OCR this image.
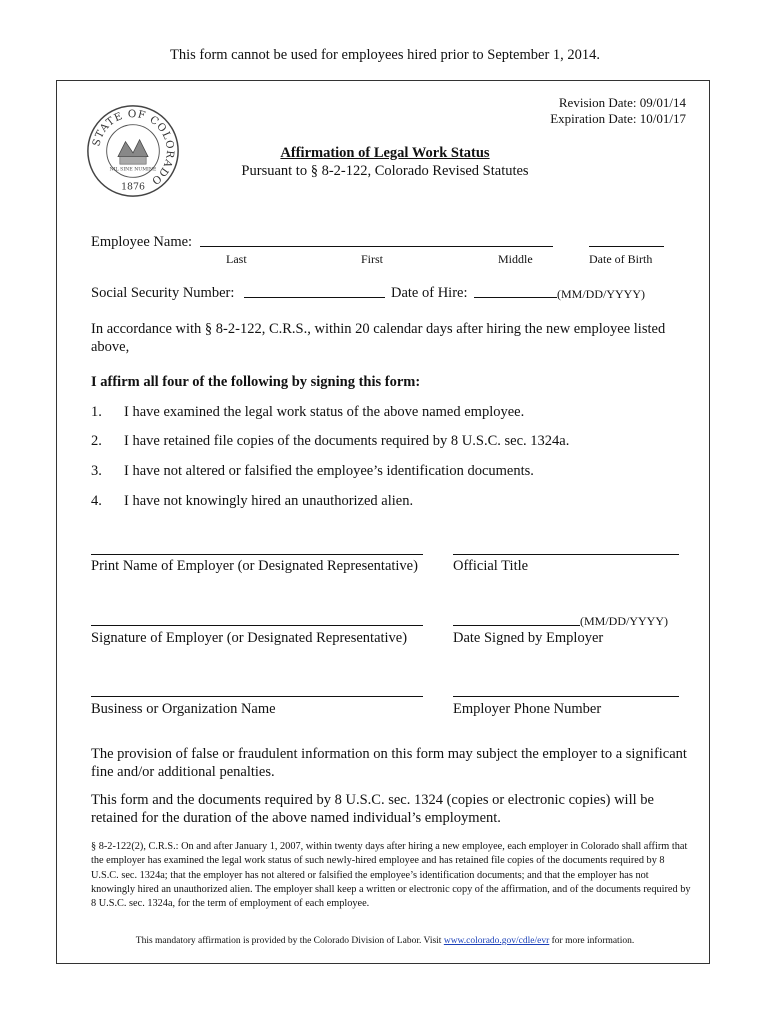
This form cannot be used for employees hired prior to September 1, 2014.
Revision Date: 09/01/14
Expiration Date: 10/01/17
STATE OF COLORADO
NIL SINE NUMINE
1876
Affirmation of Legal Work Status
Pursuant to § 8-2-122, Colorado Revised Statutes
Employee Name:
Last	First	Middle	Date of Birth
Social Security Number:	Date of Hire:	(MM/DD/YYYY)
In accordance with § 8-2-122, C.R.S., within 20 calendar days after hiring the new employee listed above,
I affirm all four of the following by signing this form:
1. I have examined the legal work status of the above named employee.
2. I have retained file copies of the documents required by 8 U.S.C. sec. 1324a.
3. I have not altered or falsified the employee’s identification documents.
4. I have not knowingly hired an unauthorized alien.
Print Name of Employer (or Designated Representative) Official Title
(MM/DD/YYYY)
Signature of Employer (or Designated Representative)	Date Signed by Employer
Business or Organization Name	Employer Phone Number
The provision of false or fraudulent information on this form may subject the employer to a significant fine and/or additional penalties.
This form and the documents required by 8 U.S.C. sec. 1324 (copies or electronic copies) will be retained for the duration of the above named individual’s employment.
§ 8-2-122(2), C.R.S.: On and after January 1, 2007, within twenty days after hiring a new employee, each employer in Colorado shall affirm that the employer has examined the legal work status of such newly-hired employee and has retained file copies of the documents required by 8 U.S.C. sec. 1324a; that the employer has not altered or falsified the employee’s identification documents; and that the employer has not knowingly hired an unauthorized alien. The employer shall keep a written or electronic copy of the affirmation, and of the documents required by 8 U.S.C. sec. 1324a, for the term of employment of each employee.
This mandatory affirmation is provided by the Colorado Division of Labor. Visit www.colorado.gov/cdle/evr for more information.
